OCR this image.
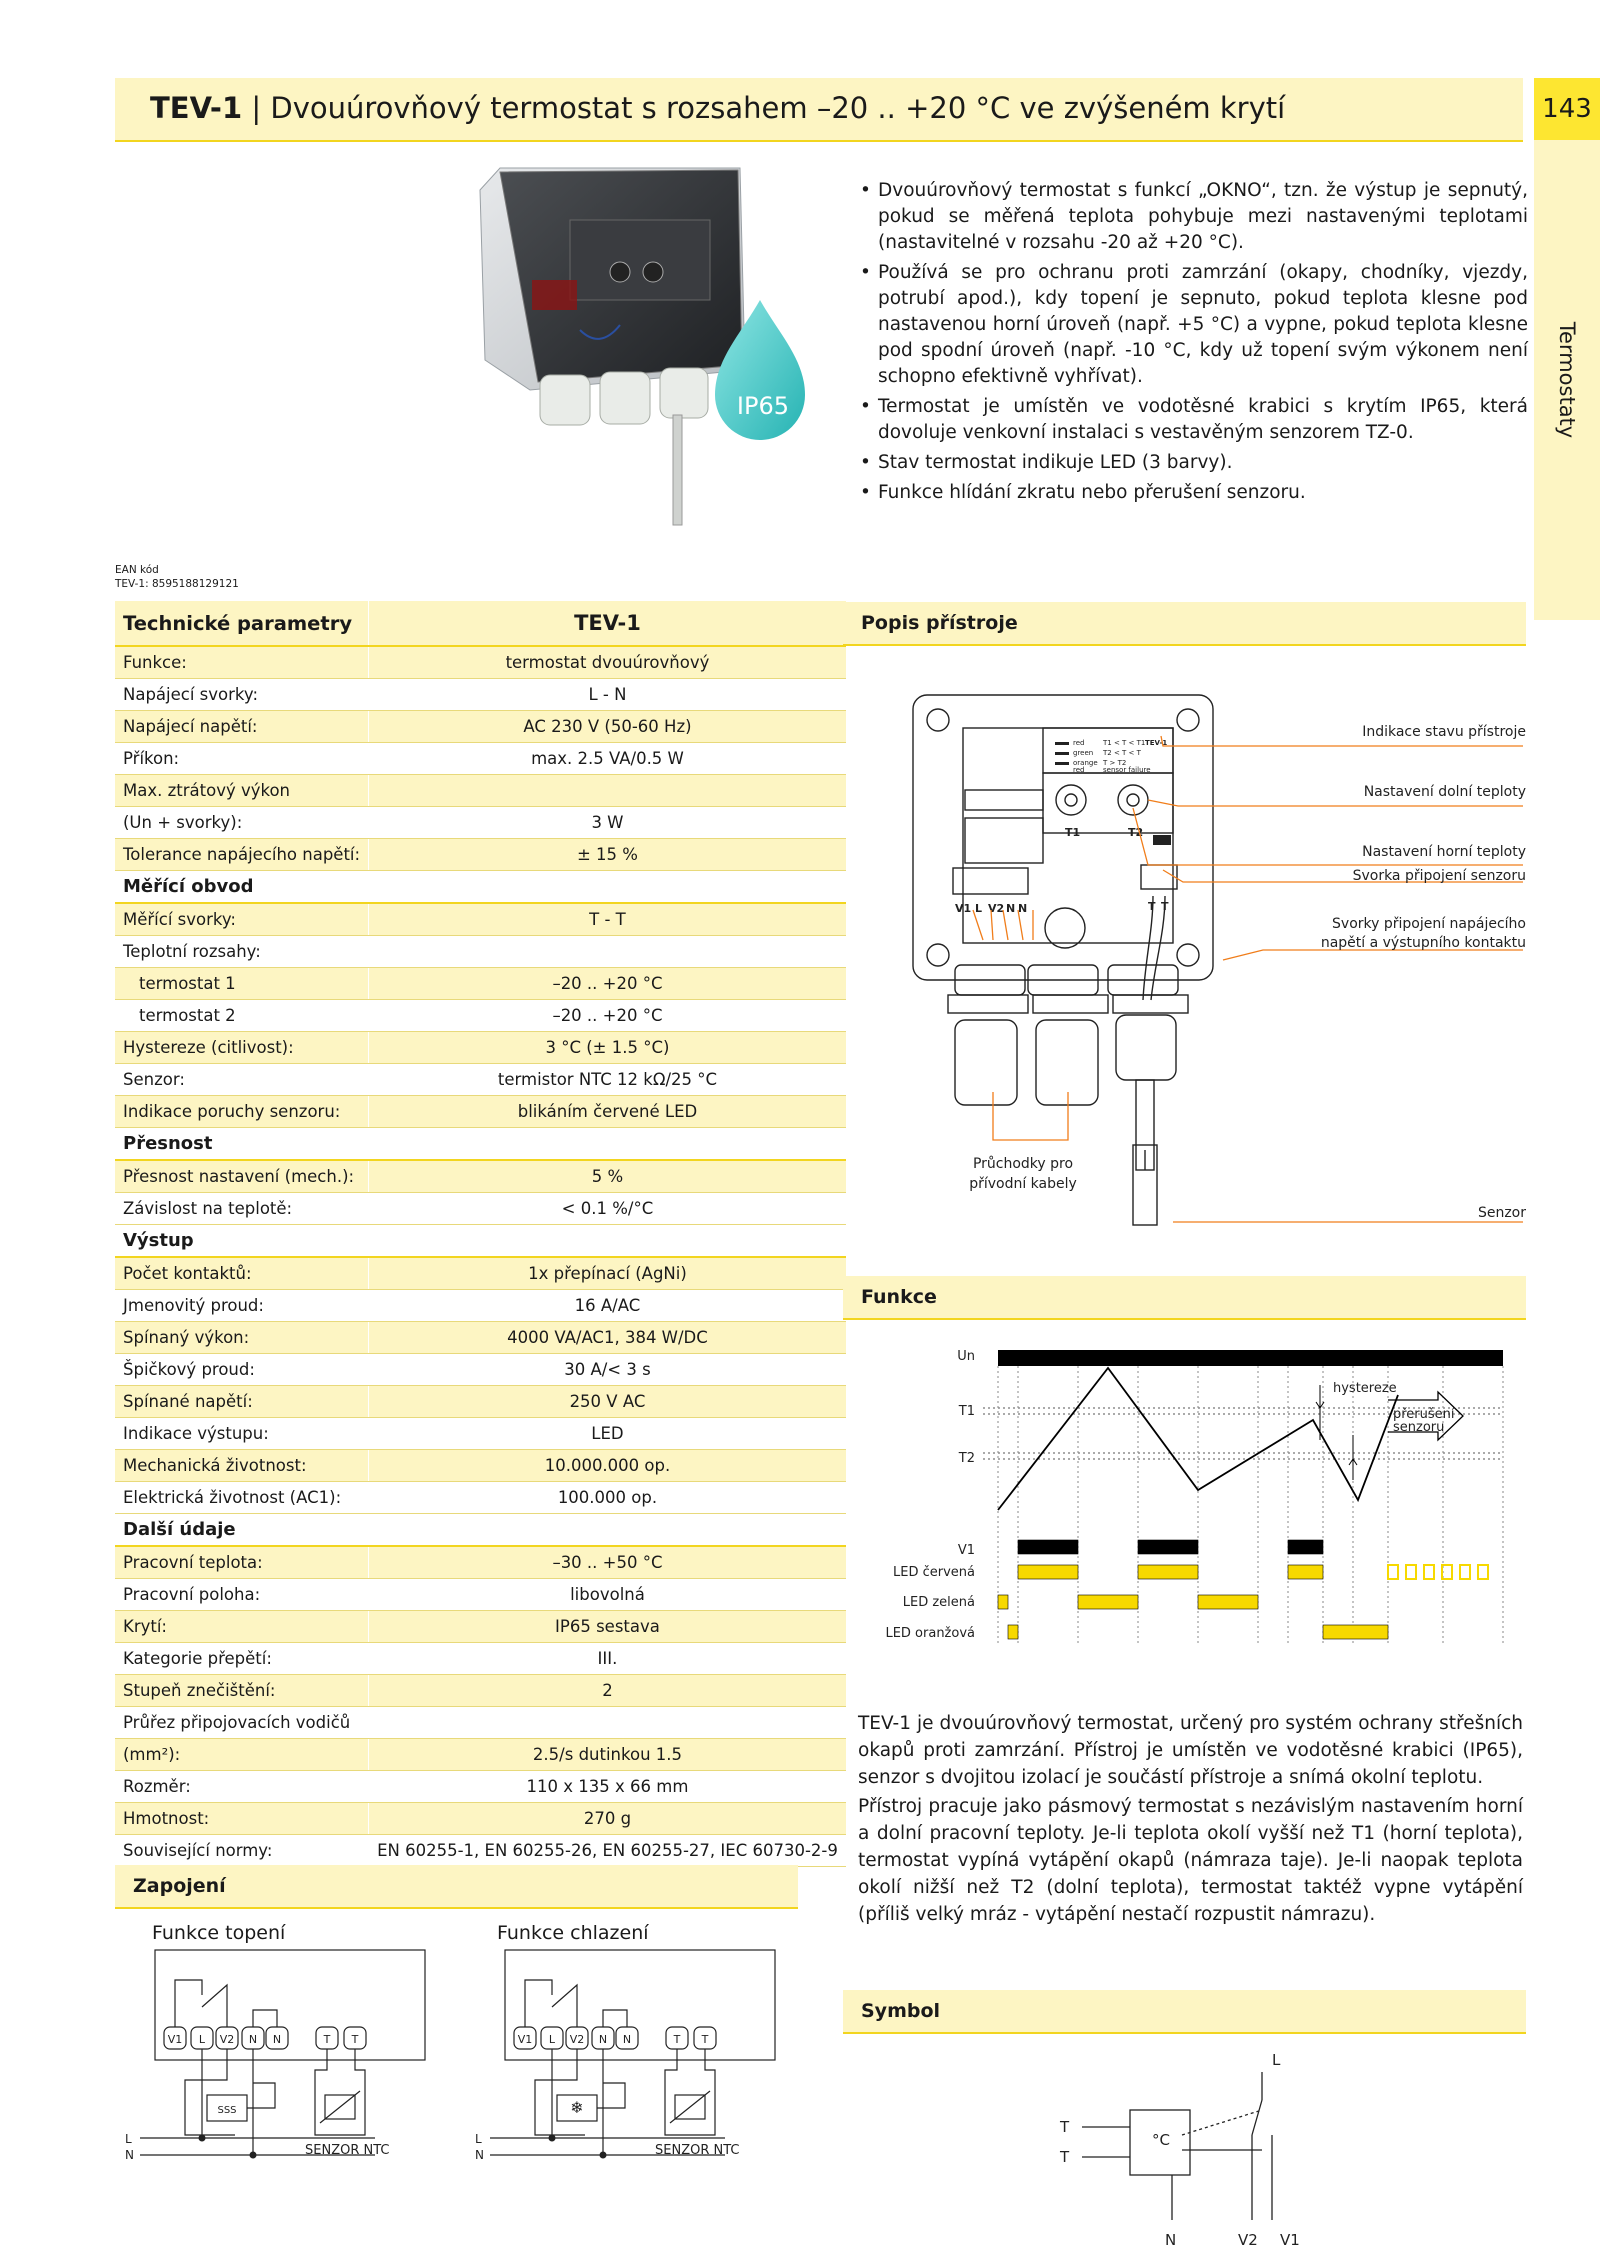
TEV-1 | Dvouúrovňový termostat s rozsahem –20 .. +20 °C ve zvýšeném krytí	143
Termostaty
IP65
• Dvouúrovňový termostat s funkcí „OKNO“, tzn. že výstup je sepnutý, pokud se měřená teplota pohybuje mezi nastavenými teplotami (nastavitelné v rozsahu -20 až +20 °C).
• Používá se pro ochranu proti zamrzání (okapy, chodníky, vjezdy, potrubí apod.), kdy topení je sepnuto, pokud teplota klesne pod nastavenou horní úroveň (např. +5 °C) a vypne, pokud teplota klesne pod spodní úroveň (např. -10 °C, kdy už topení svým výkonem není schopno efektivně vyhřívat).
• Termostat je umístěn ve vodotěsné krabici s krytím IP65, která dovoluje venkovní instalaci s vestavěným senzorem TZ-0.
• Stav termostat indikuje LED (3 barvy).
• Funkce hlídání zkratu nebo přerušení senzoru.
EAN kód
TEV-1: 8595188129121
Technické parametry	TEV-1
Funkce:	termostat dvouúrovňový
Napájecí svorky:	L - N
Napájecí napětí:	AC 230 V (50-60 Hz)
Příkon:	max. 2.5 VA/0.5 W
Max. ztrátový výkon	
(Un + svorky):	3 W
Tolerance napájecího napětí:	± 15 %
Měřící obvod	
Měřící svorky:	T - T
Teplotní rozsahy:	
termostat 1	–20 .. +20 °C
termostat 2	–20 .. +20 °C
Hystereze (citlivost):	3 °C (± 1.5 °C)
Senzor:	termistor NTC 12 kΩ/25 °C
Indikace poruchy senzoru:	blikáním červené LED
Přesnost	
Přesnost nastavení (mech.):	5 %
Závislost na teplotě:	< 0.1 %/°C
Výstup	
Počet kontaktů:	1x přepínací (AgNi)
Jmenovitý proud:	16 A/AC
Spínaný výkon:	4000 VA/AC1, 384 W/DC
Špičkový proud:	30 A/< 3 s
Spínané napětí:	250 V AC
Indikace výstupu:	LED
Mechanická životnost:	10.000.000 op.
Elektrická životnost (AC1):	100.000 op.
Další údaje	
Pracovní teplota:	–30 .. +50 °C
Pracovní poloha:	libovolná
Krytí:	IP65 sestava
Kategorie přepětí:	III.
Stupeň znečištění:	2
Průřez připojovacích vodičů	
(mm²):	2.5/s dutinkou 1.5
Rozměr:	110 x 135 x 66 mm
Hmotnost:	270 g
Související normy:	EN 60255-1, EN 60255-26, EN 60255-27, IEC 60730-2-9
Popis přístroje
red
green
orange
red
T1 < T < T1
T2 < T < T
T > T2
sensor failure
TEV-1
T1	T2
V1 L V2 N N	T T
Indikace stavu přístroje
Nastavení dolní teploty
Nastavení horní teploty
Svorka připojení senzoru
Svorky připojení napájecího
napětí a výstupního kontaktu
Senzor
Průchodky pro
přívodní kabely
Funkce
Un
T1
T2
V1
LED červená
LED zelená
LED oranžová
hystereze
přerušení
senzoru

TEV-1 je dvouúrovňový termostat, určený pro systém ochrany střešních okapů proti zamrzání. Přístroj je umístěn ve vodotěsné krabici (IP65), senzor s dvojitou izolací je součástí přístroje a snímá okolní teplotu.

Přístroj pracuje jako pásmový termostat s nezávislým nastavením horní a dolní pracovní teploty. Je-li teplota okolí vyšší než T1 (horní teplota), termostat vypíná vytápění okapů (námraza taje). Je-li naopak teplota okolí nižší než T2 (dolní teplota), termostat taktéž vypne vytápění (příliš velký mráz - vytápění nestačí rozpustit námrazu).

Zapojení
Funkce topení	Funkce chlazení
V1 L V2 N N	T T
L
N	SENZOR NTC
SSS
V1 L V2 N N	T T
L
N	SENZOR NTC
❄
Symbol
L
T
T
°C
N	V2 V1
